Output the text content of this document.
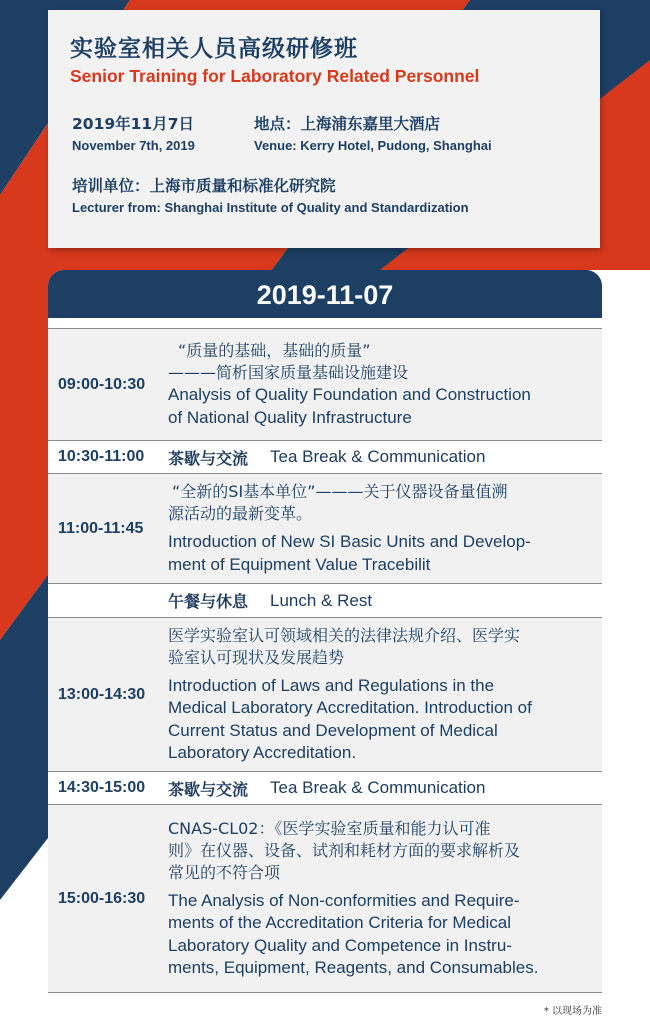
实验室相关人员高级研修班
Senior Training for Laboratory Related Personnel
2019年11月7日
November 7th, 2019
地点：上海浦东嘉里大酒店
Venue: Kerry Hotel, Pudong, Shanghai
培训单位：上海市质量和标准化研究院
Lecturer from: Shanghai Institute of Quality and Standardization
2019-11-07
09:00-10:30
“质量的基础，基础的质量”
———简析国家质量基础设施建设
Analysis of Quality Foundation and Construction
of National Quality Infrastructure
10:30-11:00	茶歇与交流 Tea Break & Communication
11:00-11:45
“全新的SI基本单位”———关于仪器设备量值溯
源活动的最新变革。
Introduction of New SI Basic Units and Develop-
ment of Equipment Value Tracebilit
午餐与休息 Lunch & Rest
13:00-14:30
医学实验室认可领域相关的法律法规介绍、医学实
验室认可现状及发展趋势
Introduction of Laws and Regulations in the
Medical Laboratory Accreditation. Introduction of
Current Status and Development of Medical
Laboratory Accreditation.
14:30-15:00	茶歇与交流 Tea Break & Communication
15:00-16:30
CNAS-CL02：《医学实验室质量和能力认可准
则》在仪器、设备、试剂和耗材方面的要求解析及
常见的不符合项
The Analysis of Non-conformities and Require-
ments of the Accreditation Criteria for Medical
Laboratory Quality and Competence in Instru-
ments, Equipment, Reagents, and Consumables.
* 以现场为准
